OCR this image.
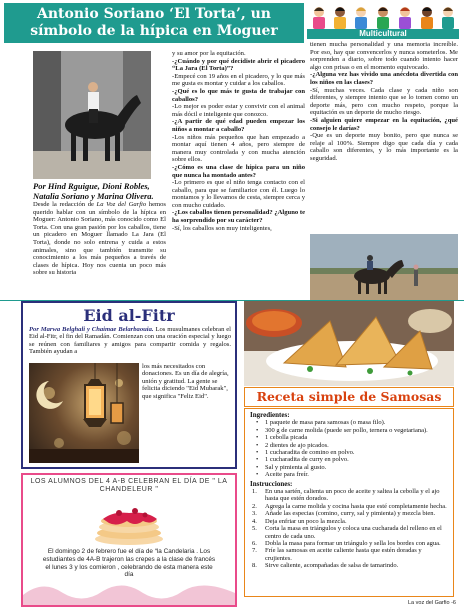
Antonio Soriano ‘El Torta’, un símbolo de la hípica en Moguer	Multicultural

Por Hind Rguigue, Dioni Robles, Natalia Soriano y Marina Olivera.

Desde la redacción de La Voz del Garfio hemos querido hablar con un símbolo de la hípica en Moguer: Antonio Soriano, más conocido como El Torta. Con una gran pasión por los caballos, tiene un picadero en Moguer llamado La Jara (El Torta), donde no solo entrena y cuida a estos animales, sino que también transmite su conocimiento a los más pequeños a través de clases de hípica. Hoy nos cuenta un poco más sobre su historia

y su amor por la equitación.

-¿Cuándo y por qué decidiste abrir el picadero “La Jara (El Torta)”?

-Empecé con 19 años en el picadero, y lo que más me gusta es montar y cuidar a los caballos.

-¿Qué es lo que más te gusta de trabajar con caballos?

-Lo mejor es poder estar y convivir con el animal más dócil e inteligente que conozco.

-¿A partir de qué edad pueden empezar los niños a montar a caballo?

-Los niños más pequeños que han empezado a montar aquí tienen 4 años, pero siempre de manera muy controlada y con mucha atención sobre ellos.

-¿Cómo es una clase de hípica para un niño que nunca ha montado antes?

-Lo primero es que el niño tenga contacto con el caballo, para que se familiarice con él. Luego lo montamos y lo llevamos de cesta, siempre cerca y con mucho cuidado.

-¿Los caballos tienen personalidad? ¿Alguno te ha sorprendido por su carácter?

-Sí, los caballos son muy inteligentes,

tienen mucha personalidad y una memoria increíble. Por eso, hay que convencerlos y nunca someterlos. Me sorprenden a diario, sobre todo cuando intento hacer algo con prisas o en el momento equivocado.

-¿Alguna vez has vivido una anécdota divertida con los niños en las clases?

-Sí, muchas veces. Cada clase y cada niño son diferentes, y siempre intento que se lo tomen como un deporte más, pero con mucho respeto, porque la equitación es un deporte de mucho riesgo.

-Si alguien quiere empezar en la equitación, ¿qué consejo le darías?

-Que es un deporte muy bonito, pero que nunca se relaje al 100%. Siempre digo que cada día y cada caballo son diferentes, y lo más importante es la seguridad.

Eid al-Fitr

Por Marwa Belghali y Chaimae Belarbaouia. Los musulmanes celebran el Eid al-Fitr, el fin del Ramadán. Comienzan con una oración especial y luego se reúnen con familiares y amigos para compartir comida y regalos. También ayudan a

los más necesitados con donaciones. Es un día de alegría, unión y gratitud. La gente se felicita diciendo "Eid Mubarak", que significa "Feliz Eid".

LOS ALUMNOS DEL 4 A-B CELEBRAN EL DÍA DE " LA CHANDELEUR "
El domingo 2 de febrero fue el día de “la Candelaria . Los estudiantes de 4A-B trajeron las crepes a la clase de francés el lunes 3 y los comieron , celebrando de esta manera este día
Receta simple de Samosas
Ingredientes:
• 1 paquete de masa para samosas (o masa filo).
• 300 g de carne molida (puede ser pollo, ternera o vegetariana).
• 1 cebolla picada
• 2 dientes de ajo picados.
• 1 cucharadita de comino en polvo.
• 1 cucharadita de curry en polvo.
• Sal y pimienta al gusto.
• Aceite para freír.
Instrucciones:
1. En una sartén, calienta un poco de aceite y saltea la cebolla y el ajo hasta que estén dorados.
2. Agrega la carne molida y cocina hasta que esté completamente hecha.
3. Añade las especias (comino, curry, sal y pimienta) y mezcla bien.
4. Deja enfriar un poco la mezcla.
5. Corta la masa en triángulos y coloca una cucharada del relleno en el centro de cada uno.
6. Dobla la masa para formar un triángulo y sella los bordes con agua.
7. Fríe las samosas en aceite caliente hasta que estén doradas y crujientes.
8. Sirve caliente, acompañadas de salsa de tamarindo.
La voz del Garfio -6
